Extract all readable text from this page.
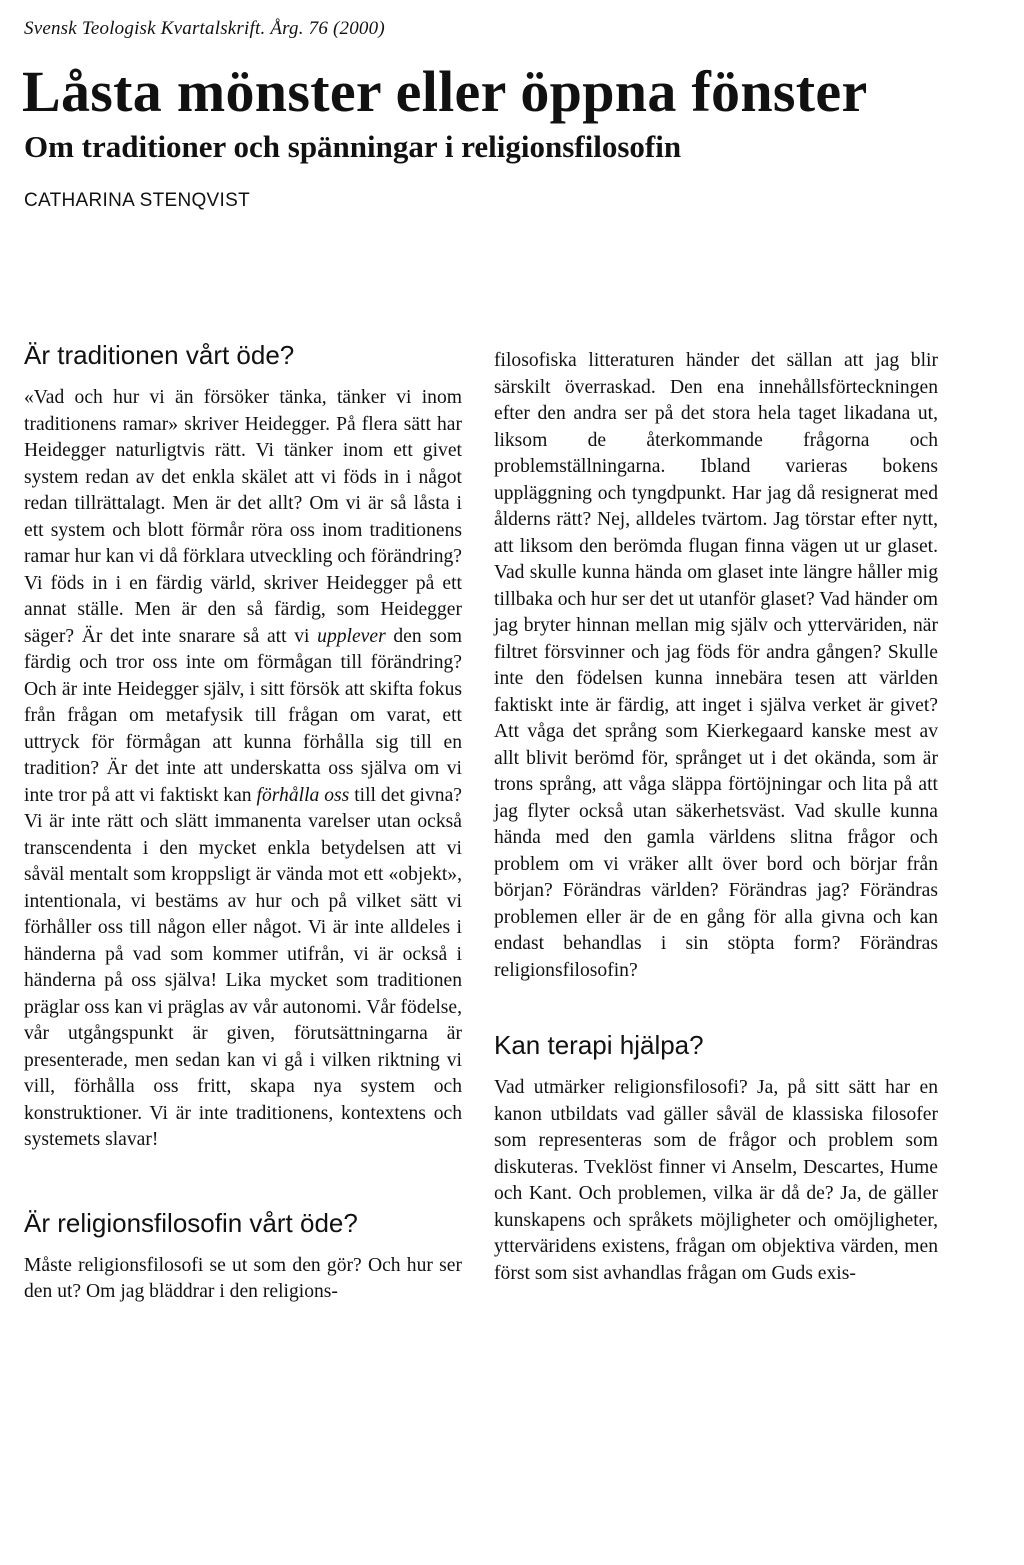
Svensk Teologisk Kvartalskrift. Årg. 76 (2000)
Låsta mönster eller öppna fönster
Om traditioner och spänningar i religionsfilosofin
CATHARINA STENQVIST
Är traditionen vårt öde?

«Vad och hur vi än försöker tänka, tänker vi inom traditionens ramar» skriver Heidegger. På flera sätt har Heidegger naturligtvis rätt. Vi tänker inom ett givet system redan av det enkla skälet att vi föds in i något redan tillrättalagt. Men är det allt? Om vi är så låsta i ett system och blott förmår röra oss inom traditionens ramar hur kan vi då förklara utveckling och förändring? Vi föds in i en färdig värld, skriver Heidegger på ett annat ställe. Men är den så färdig, som Heidegger säger? Är det inte snarare så att vi upplever den som färdig och tror oss inte om förmågan till förändring? Och är inte Heidegger själv, i sitt försök att skifta fokus från frågan om metafysik till frågan om varat, ett uttryck för förmågan att kunna förhålla sig till en tradition? Är det inte att underskatta oss själva om vi inte tror på att vi faktiskt kan förhålla oss till det givna? Vi är inte rätt och slätt immanenta varelser utan också transcendenta i den mycket enkla betydelsen att vi såväl mentalt som kroppsligt är vända mot ett «objekt», intentionala, vi bestäms av hur och på vilket sätt vi förhåller oss till någon eller något. Vi är inte alldeles i händerna på vad som kommer utifrån, vi är också i händerna på oss själva! Lika mycket som traditionen präglar oss kan vi präglas av vår autonomi. Vår födelse, vår utgångspunkt är given, förutsättningarna är presenterade, men sedan kan vi gå i vilken riktning vi vill, förhålla oss fritt, skapa nya system och konstruktioner. Vi är inte traditionens, kontextens och systemets slavar!

Är religionsfilosofin vårt öde?

Måste religionsfilosofi se ut som den gör? Och hur ser den ut? Om jag bläddrar i den religions-

filosofiska litteraturen händer det sällan att jag blir särskilt överraskad. Den ena innehållsförteckningen efter den andra ser på det stora hela taget likadana ut, liksom de återkommande frågorna och problemställningarna. Ibland varieras bokens uppläggning och tyngdpunkt. Har jag då resignerat med ålderns rätt? Nej, alldeles tvärtom. Jag törstar efter nytt, att liksom den berömda flugan finna vägen ut ur glaset. Vad skulle kunna hända om glaset inte längre håller mig tillbaka och hur ser det ut utanför glaset? Vad händer om jag bryter hinnan mellan mig själv och ytterväriden, när filtret försvinner och jag föds för andra gången? Skulle inte den födelsen kunna innebära tesen att världen faktiskt inte är färdig, att inget i själva verket är givet? Att våga det språng som Kierkegaard kanske mest av allt blivit berömd för, språnget ut i det okända, som är trons språng, att våga släppa förtöjningar och lita på att jag flyter också utan säkerhetsväst. Vad skulle kunna hända med den gamla världens slitna frågor och problem om vi vräker allt över bord och börjar från början? Förändras världen? Förändras jag? Förändras problemen eller är de en gång för alla givna och kan endast behandlas i sin stöpta form? Förändras religionsfilosofin?

Kan terapi hjälpa?

Vad utmärker religionsfilosofi? Ja, på sitt sätt har en kanon utbildats vad gäller såväl de klassiska filosofer som representeras som de frågor och problem som diskuteras. Tveklöst finner vi Anselm, Descartes, Hume och Kant. Och problemen, vilka är då de? Ja, de gäller kunskapens och språkets möjligheter och omöjligheter, ytterväridens existens, frågan om objektiva värden, men först som sist avhandlas frågan om Guds exis-
